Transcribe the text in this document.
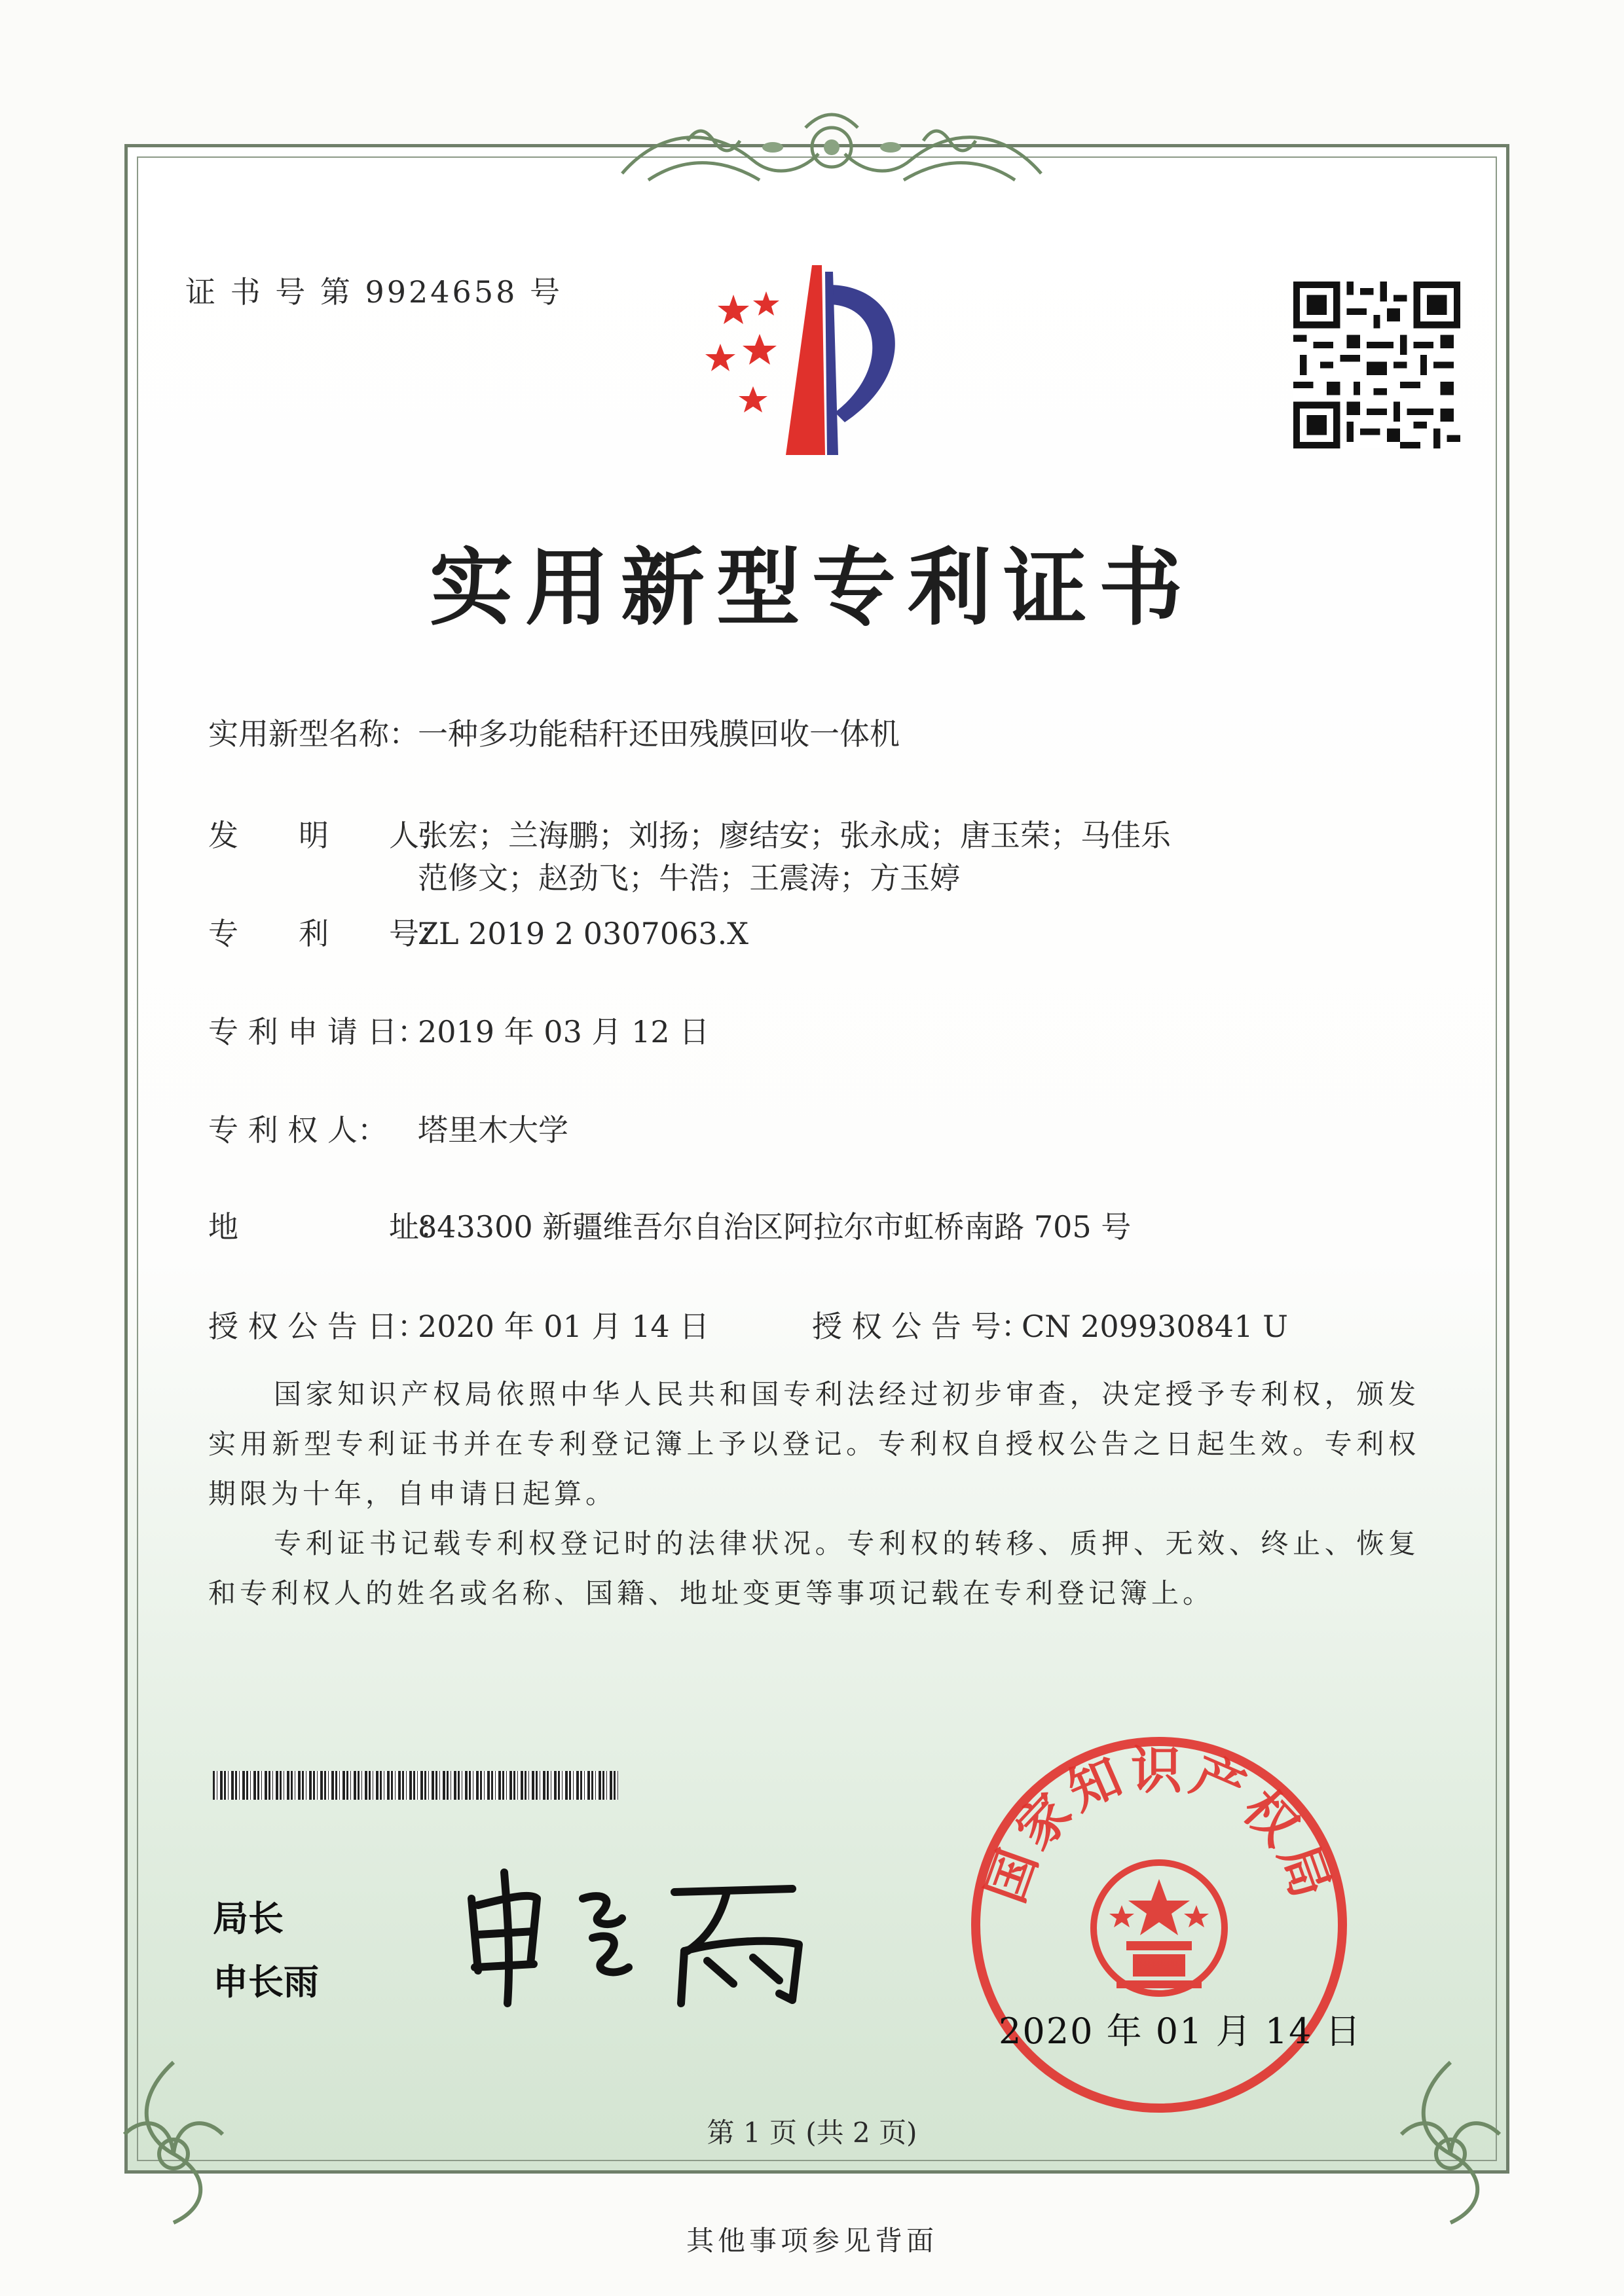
证 书 号 第 9924658 号
实用新型专利证书
实用新型名称：一种多功能秸秆还田残膜回收一体机
发　　明　　人：张宏；兰海鹏；刘扬；廖结安；张永成；唐玉荣；马佳乐
范修文；赵劲飞；牛浩；王震涛；方玉婷
专　　利　　号：ZL 2019 2 0307063.X
专 利 申 请 日：2019 年 03 月 12 日
专 利 权 人： 塔里木大学
地　　　　　址：843300 新疆维吾尔自治区阿拉尔市虹桥南路 705 号
授 权 公 告 日：2020 年 01 月 14 日	授 权 公 告 号：CN 209930841 U
国家知识产权局依照中华人民共和国专利法经过初步审查，决定授予专利权，颁发实用新型专利证书并在专利登记簿上予以登记。专利权自授权公告之日起生效。专利权期限为十年，自申请日起算。
专利证书记载专利权登记时的法律状况。专利权的转移、质押、无效、终止、恢复和专利权人的姓名或名称、国籍、地址变更等事项记载在专利登记簿上。
局长
申长雨
国家知识产权局
2020 年 01 月 14 日
第 1 页 (共 2 页)
其他事项参见背面
